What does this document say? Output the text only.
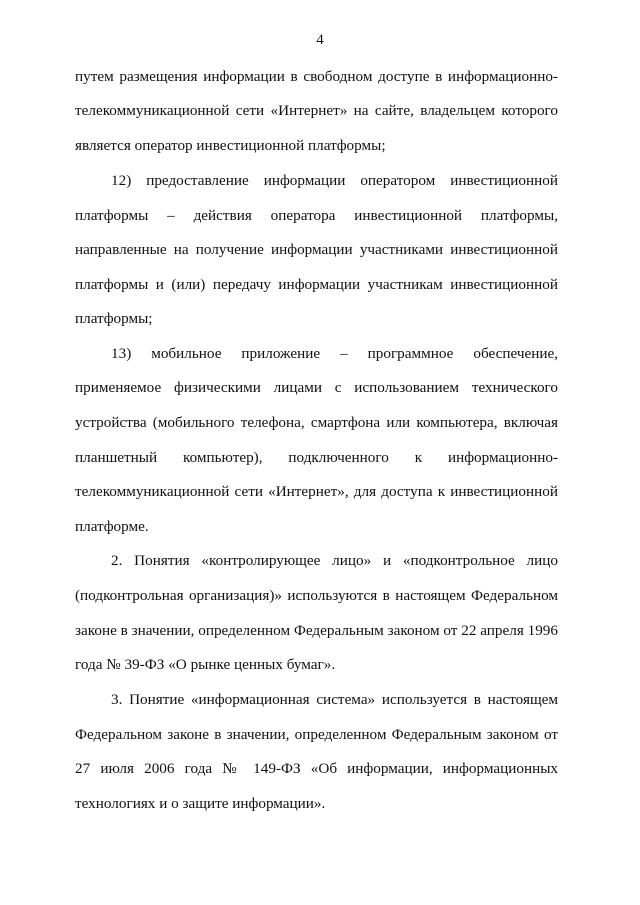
4
путем размещения информации в свободном доступе в информационно-
телекоммуникационной сети «Интернет» на сайте, владельцем которого
является оператор инвестиционной платформы;
12) предоставление информации оператором инвестиционной
платформы – действия оператора инвестиционной платформы,
направленные на получение информации участниками инвестиционной
платформы и (или) передачу информации участникам инвестиционной
платформы;
13) мобильное приложение – программное обеспечение,
применяемое физическими лицами с использованием технического
устройства (мобильного телефона, смартфона или компьютера, включая
планшетный компьютер), подключенного к информационно-
телекоммуникационной сети «Интернет», для доступа к инвестиционной
платформе.
2. Понятия «контролирующее лицо» и «подконтрольное лицо
(подконтрольная организация)» используются в настоящем Федеральном
законе в значении, определенном Федеральным законом от 22 апреля 1996
года № 39-ФЗ «О рынке ценных бумаг».
3. Понятие «информационная система» используется в настоящем
Федеральном законе в значении, определенном Федеральным законом от
27 июля 2006 года № 149-ФЗ «Об информации, информационных
технологиях и о защите информации».
